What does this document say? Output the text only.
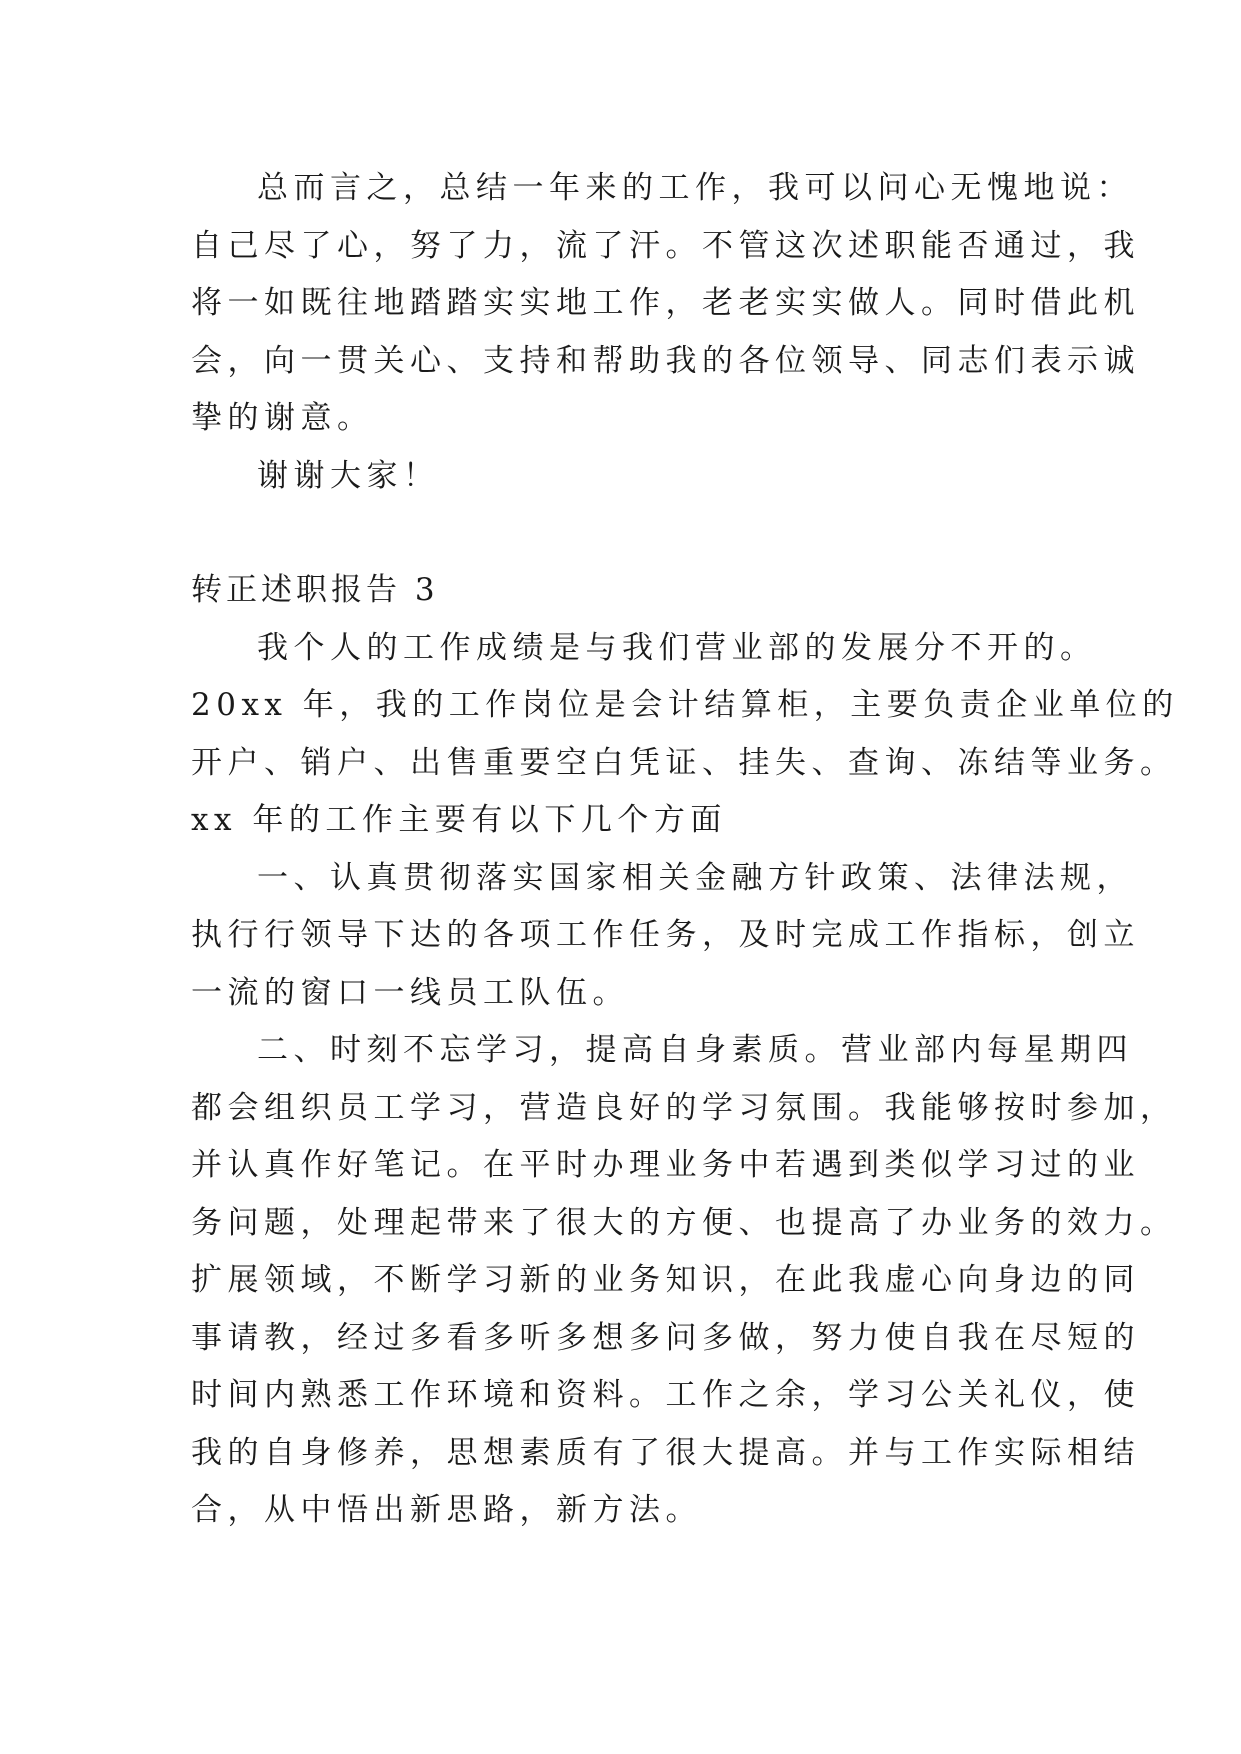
总而言之，总结一年来的工作，我可以问心无愧地说：
自己尽了心，努了力，流了汗。不管这次述职能否通过，我
将一如既往地踏踏实实地工作，老老实实做人。同时借此机
会，向一贯关心、支持和帮助我的各位领导、同志们表示诚
挚的谢意。
谢谢大家！
转正述职报告 3
我个人的工作成绩是与我们营业部的发展分不开的。
20xx 年，我的工作岗位是会计结算柜，主要负责企业单位的
开户、销户、出售重要空白凭证、挂失、查询、冻结等业务。
xx 年的工作主要有以下几个方面
一、认真贯彻落实国家相关金融方针政策、法律法规，
执行行领导下达的各项工作任务，及时完成工作指标，创立
一流的窗口一线员工队伍。
二、时刻不忘学习，提高自身素质。营业部内每星期四
都会组织员工学习，营造良好的学习氛围。我能够按时参加，
并认真作好笔记。在平时办理业务中若遇到类似学习过的业
务问题，处理起带来了很大的方便、也提高了办业务的效力。
扩展领域，不断学习新的业务知识，在此我虚心向身边的同
事请教，经过多看多听多想多问多做，努力使自我在尽短的
时间内熟悉工作环境和资料。工作之余，学习公关礼仪，使
我的自身修养，思想素质有了很大提高。并与工作实际相结
合，从中悟出新思路，新方法。
